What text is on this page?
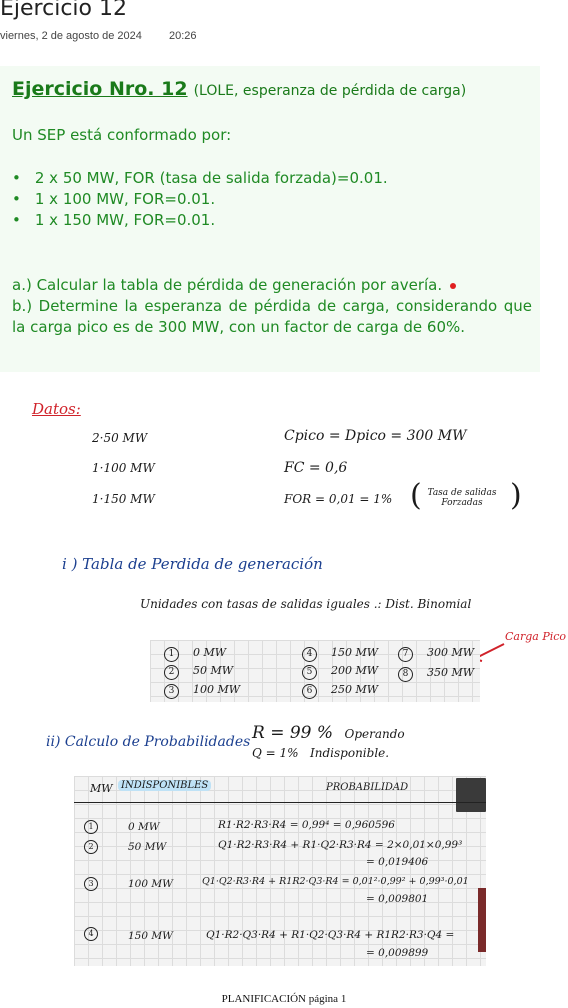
Ejercicio 12
viernes, 2 de agosto de 2024 20:26
Ejercicio Nro. 12 (LOLE, esperanza de pérdida de carga)
Un SEP está conformado por:
• 2 x 50 MW, FOR (tasa de salida forzada)=0.01.
• 1 x 100 MW, FOR=0.01.
• 1 x 150 MW, FOR=0.01.
a.) Calcular la tabla de pérdida de generación por avería.
b.) Determine la esperanza de pérdida de carga, considerando que la carga pico es de 300 MW, con un factor de carga de 60%.
Datos:
2·50 MW
1·100 MW
1·150 MW
Cpico = Dpico = 300 MW
FC = 0,6
FOR = 0,01 = 1% ( Tasa de salidas Forzadas )
i ) Tabla de Perdida de generación
Unidades con tasas de salidas iguales .: Dist. Binomial
Carga Pico
1 0 MW
2 50 MW
3 100 MW
4 150 MW
5 200 MW
6 250 MW
7 300 MW
8 350 MW
ii) Calculo de Probabilidades R = 99 % Operando
Q = 1% Indisponible.
MW INDISPONIBLES	PROBABILIDAD
1	0 MW	R1·R2·R3·R4 = 0,99⁴ = 0,960596
2	50 MW	Q1·R2·R3·R4 + R1·Q2·R3·R4 = 2×0,01×0,99³
= 0,019406
3	100 MW	Q1·Q2·R3·R4 + R1R2·Q3·R4 = 0,01²·0,99² + 0,99³·0,01
= 0,009801
4	150 MW	Q1·R2·Q3·R4 + R1·Q2·Q3·R4 + R1R2·R3·Q4 =
= 0,009899
PLANIFICACIÓN página 1
